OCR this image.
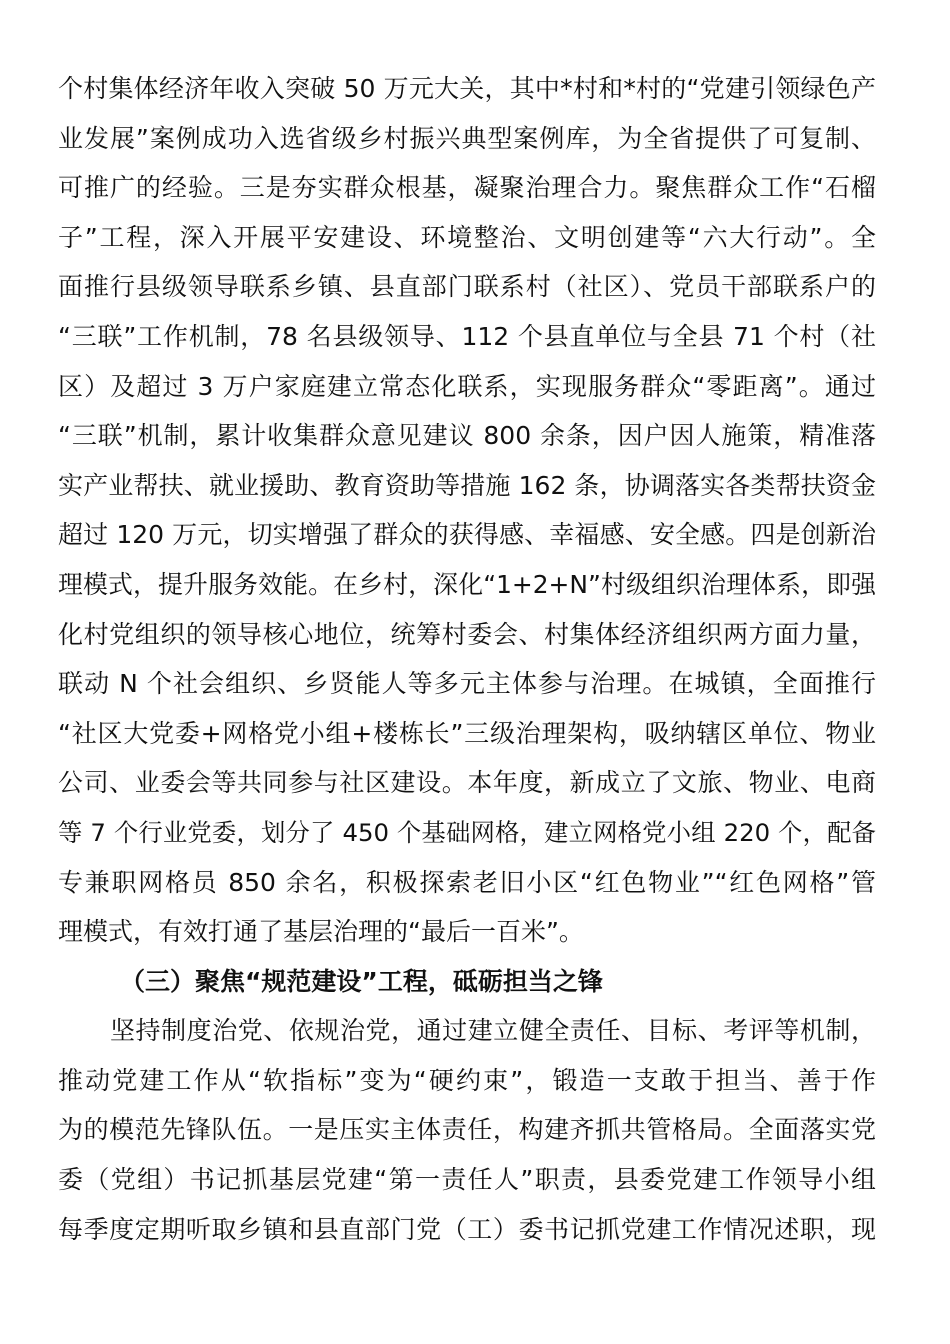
个村集体经济年收入突破 50 万元大关，其中*村和*村的“党建引领绿色产
业发展”案例成功入选省级乡村振兴典型案例库，为全省提供了可复制、
可推广的经验。三是夯实群众根基，凝聚治理合力。聚焦群众工作“石榴
子”工程，深入开展平安建设、环境整治、文明创建等“六大行动”。全
面推行县级领导联系乡镇、县直部门联系村（社区）、党员干部联系户的
“三联”工作机制，78 名县级领导、112 个县直单位与全县 71 个村（社
区）及超过 3 万户家庭建立常态化联系，实现服务群众“零距离”。通过
“三联”机制，累计收集群众意见建议 800 余条，因户因人施策，精准落
实产业帮扶、就业援助、教育资助等措施 162 条，协调落实各类帮扶资金
超过 120 万元，切实增强了群众的获得感、幸福感、安全感。四是创新治
理模式，提升服务效能。在乡村，深化“1+2+N”村级组织治理体系，即强
化村党组织的领导核心地位，统筹村委会、村集体经济组织两方面力量，
联动 N 个社会组织、乡贤能人等多元主体参与治理。在城镇，全面推行
“社区大党委+网格党小组+楼栋长”三级治理架构，吸纳辖区单位、物业
公司、业委会等共同参与社区建设。本年度，新成立了文旅、物业、电商
等 7 个行业党委，划分了 450 个基础网格，建立网格党小组 220 个，配备
专兼职网格员 850 余名，积极探索老旧小区“红色物业”“红色网格”管
理模式，有效打通了基层治理的“最后一百米”。
（三）聚焦“规范建设”工程，砥砺担当之锋
坚持制度治党、依规治党，通过建立健全责任、目标、考评等机制，
推动党建工作从“软指标”变为“硬约束”，锻造一支敢于担当、善于作
为的模范先锋队伍。一是压实主体责任，构建齐抓共管格局。全面落实党
委（党组）书记抓基层党建“第一责任人”职责，县委党建工作领导小组
每季度定期听取乡镇和县直部门党（工）委书记抓党建工作情况述职，现
